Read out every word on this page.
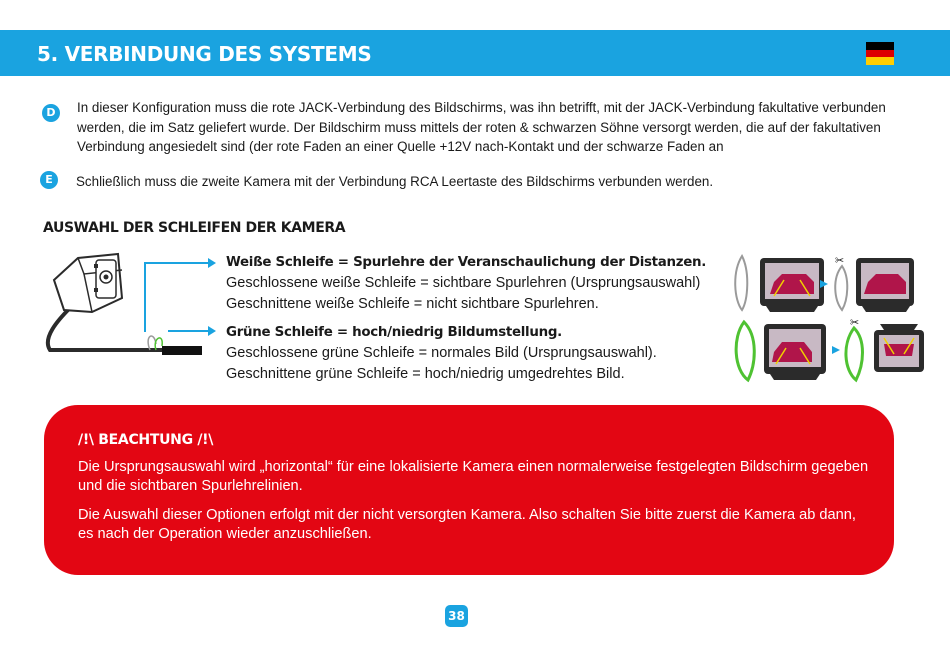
5. VERBINDUNG DES SYSTEMS
D	In dieser Konfiguration muss die rote JACK-Verbindung des Bildschirms, was ihn betrifft, mit der JACK-Verbindung fakultative verbunden werden, die im Satz geliefert wurde. Der Bildschirm muss mittels der roten & schwarzen Söhne versorgt werden, die auf der fakultativen Verbindung angesiedelt sind (der rote Faden an einer Quelle +12V nach-Kontakt und der schwarze Faden an
E	Schließlich muss die zweite Kamera mit der Verbindung RCA Leertaste des Bildschirms verbunden werden.
AUSWAHL DER SCHLEIFEN DER KAMERA
Weiße Schleife = Spurlehre der Veranschaulichung der Distanzen.
Geschlossene weiße Schleife = sichtbare Spurlehren (Ursprungsauswahl)
Geschnittene weiße Schleife = nicht sichtbare Spurlehren.
Grüne Schleife = hoch/niedrig Bildumstellung.
Geschlossene grüne Schleife = normales Bild (Ursprungsauswahl).
Geschnittene grüne Schleife = hoch/niedrig umgedrehtes Bild.
✂
✂
/!\ BEACHTUNG /!\
Die Ursprungsauswahl wird „horizontal“ für eine lokalisierte Kamera einen normalerweise festgelegten Bildschirm gegeben und die sichtbaren Spurlehrelinien.
Die Auswahl dieser Optionen erfolgt mit der nicht versorgten Kamera. Also schalten Sie bitte zuerst die Kamera ab dann, es nach der Operation wieder anzuschließen.
38
